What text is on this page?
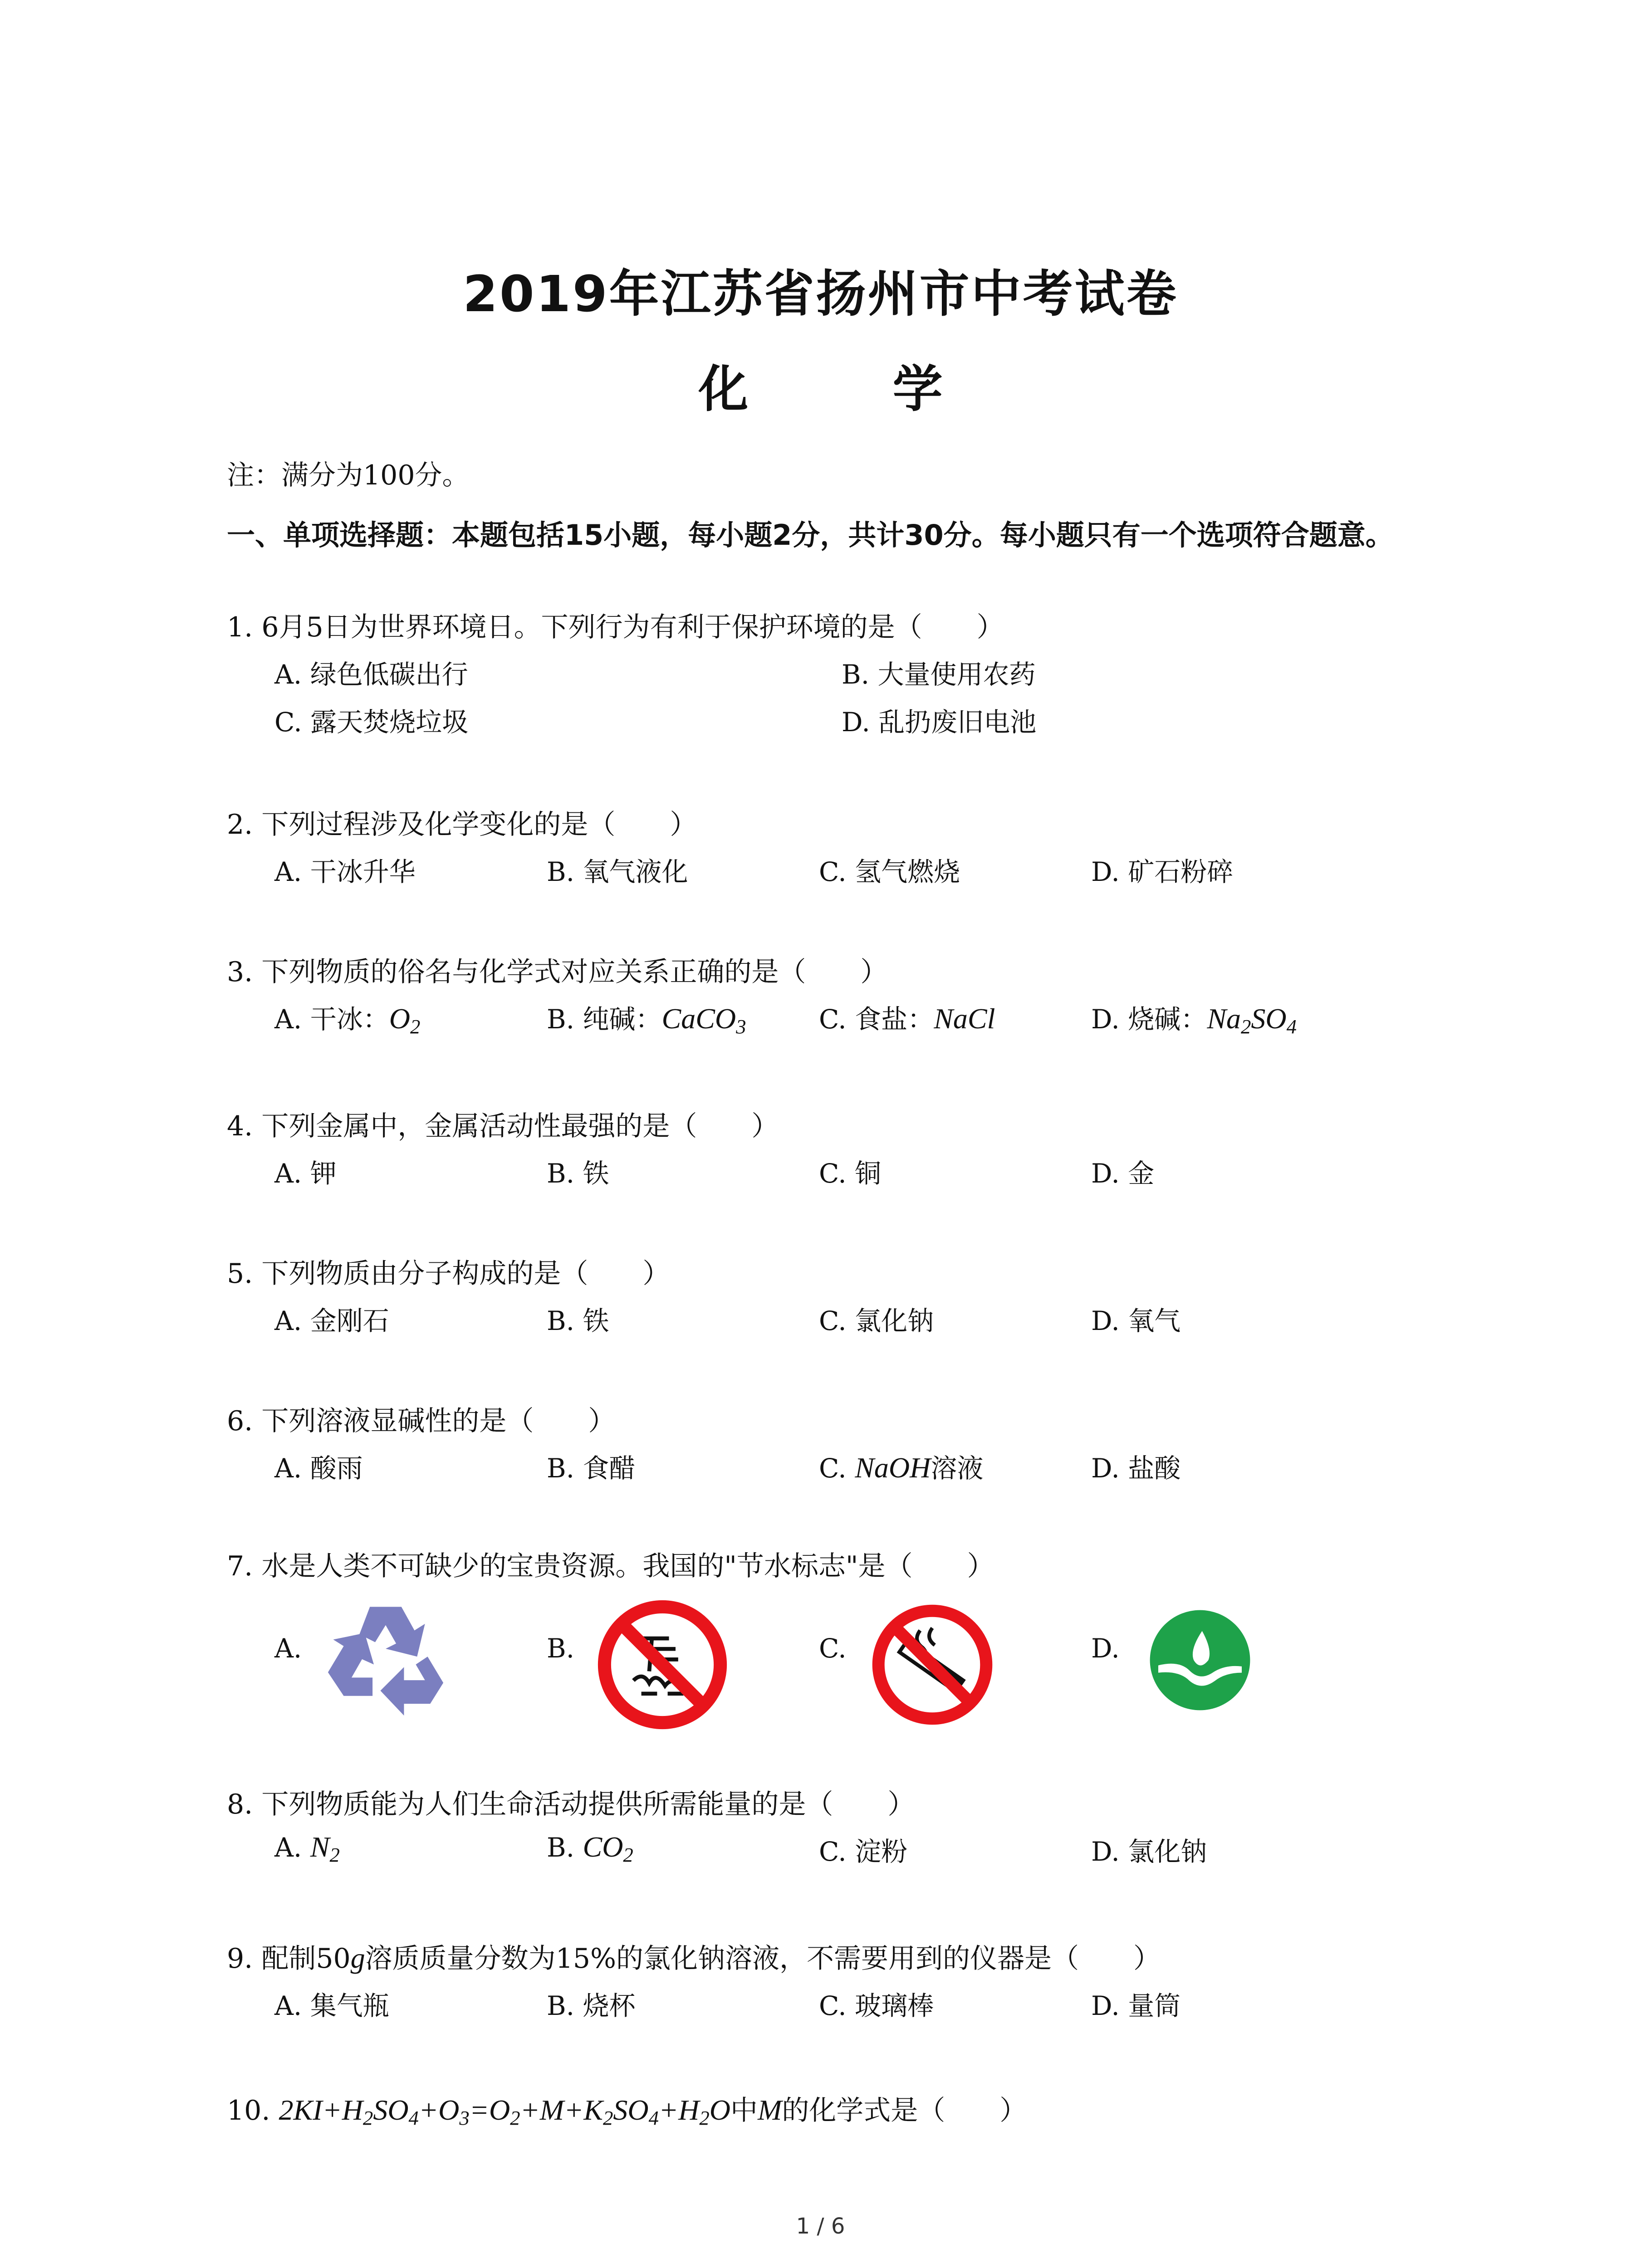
2019年江苏省扬州市中考试卷
化 学
注：满分为100分。
一、单项选择题：本题包括15小题，每小题2分，共计30分。每小题只有一个选项符合题意。
1. 6月5日为世界环境日。下列行为有利于保护环境的是（　　）
A. 绿色低碳出行	B. 大量使用农药
C. 露天焚烧垃圾	D. 乱扔废旧电池
2. 下列过程涉及化学变化的是（　　）
A. 干冰升华	B. 氧气液化	C. 氢气燃烧	D. 矿石粉碎
3. 下列物质的俗名与化学式对应关系正确的是（　　）
A. 干冰：$O_2$	B. 纯碱：CaCO$_3$	C. 食盐：NaCl	D. 烧碱：$Na_2SO_4$
4. 下列金属中，金属活动性最强的是（　　）
A. 钾	B. 铁	C. 铜	D. 金
5. 下列物质由分子构成的是（　　）
A. 金刚石	B. 铁	C. 氯化钠	D. 氧气
6. 下列溶液显碱性的是（　　）
A. 酸雨	B. 食醋	C. NaOH溶液	D. 盐酸
7. 水是人类不可缺少的宝贵资源。我国的"节水标志"是（　　）
A.	B.	C.	D.
8. 下列物质能为人们生命活动提供所需能量的是（　　）
A. $N_2$	B. $CO_2$	C. 淀粉	D. 氯化钠
9. 配制50g溶质质量分数为15%的氯化钠溶液，不需要用到的仪器是（　　）
A. 集气瓶	B. 烧杯	C. 玻璃棒	D. 量筒
10. $2KI+H_2SO_4+O_3=O_2+M+K_2SO_4+H_2O$中M的化学式是（　　）
1 / 6
